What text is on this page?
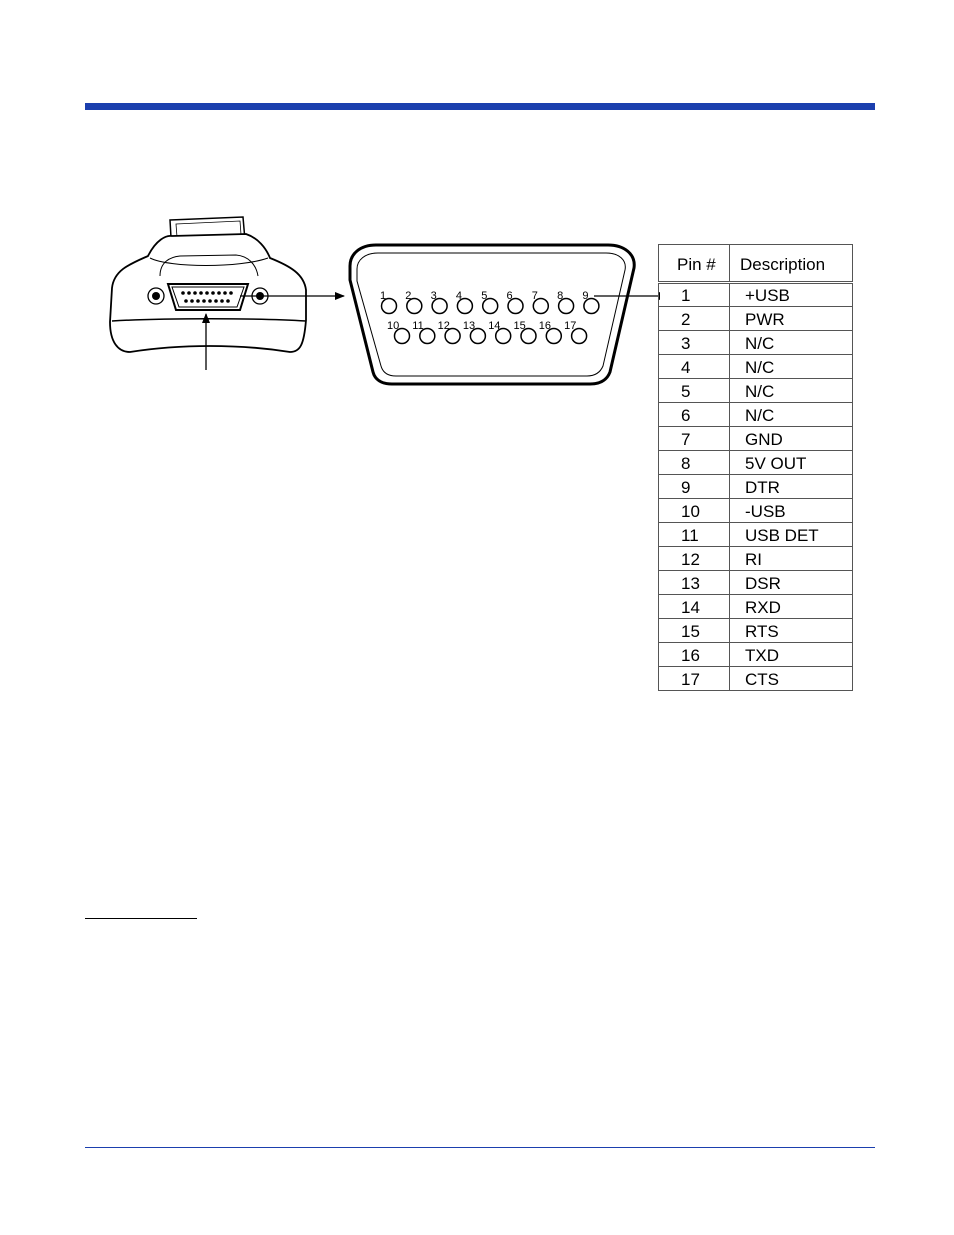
1 2 3 4 5 6 7 8 9
10 11 12 13 14 15 16 17
Pin #	Description
1	+USB
2	PWR
3	N/C
4	N/C
5	N/C
6	N/C
7	GND
8	5V OUT
9	DTR
10	-USB
11	USB DET
12	RI
13	DSR
14	RXD
15	RTS
16	TXD
17	CTS
